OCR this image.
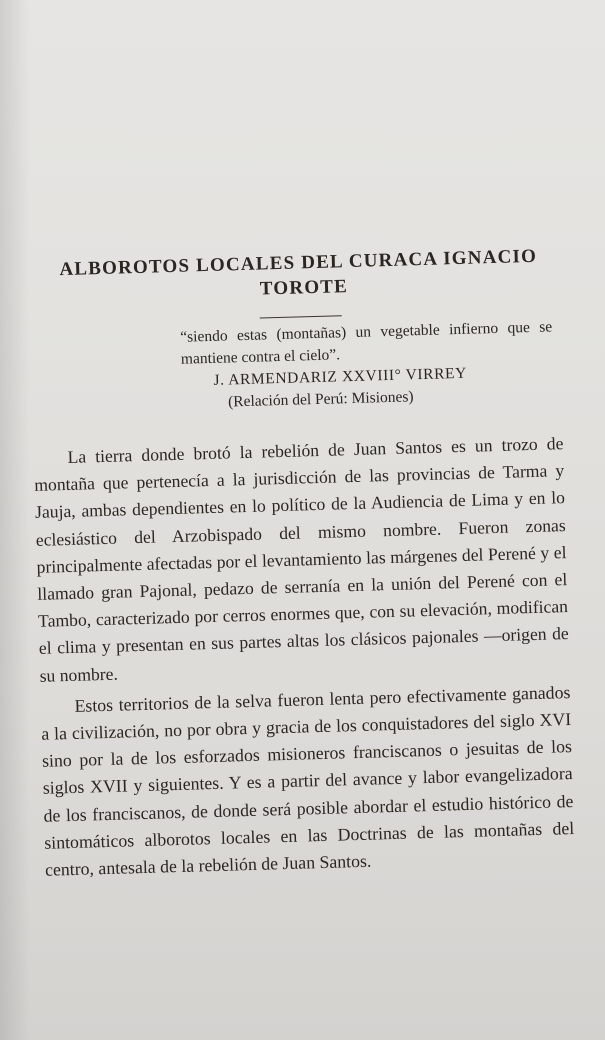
ALBOROTOS LOCALES DEL CURACA IGNACIO
TOROTE
“siendo estas (montañas) un vegetable infierno que se mantiene contra el cielo”.
J. ARMENDARIZ XXVIII° VIRREY
(Relación del Perú: Misiones)

La tierra donde brotó la rebelión de Juan Santos es un trozo de montaña que pertenecía a la jurisdicción de las provincias de Tarma y Jauja, ambas dependientes en lo político de la Audiencia de Lima y en lo eclesiástico del Arzobispado del mismo nombre. Fueron zonas principalmente afectadas por el levantamiento las márgenes del Perené y el llamado gran Pajonal, pedazo de serranía en la unión del Perené con el Tambo, caracterizado por cerros enormes que, con su elevación, modifican el clima y presentan en sus partes altas los clásicos pajonales —origen de su nombre.

Estos territorios de la selva fueron lenta pero efectivamente ganados a la civilización, no por obra y gracia de los conquistadores del siglo XVI sino por la de los esforzados misioneros franciscanos o jesuitas de los siglos XVII y siguientes. Y es a partir del avance y labor evangelizadora de los franciscanos, de donde será posible abordar el estudio histórico de sintomáticos alborotos locales en las Doctrinas de las montañas del centro, antesala de la rebelión de Juan Santos.
